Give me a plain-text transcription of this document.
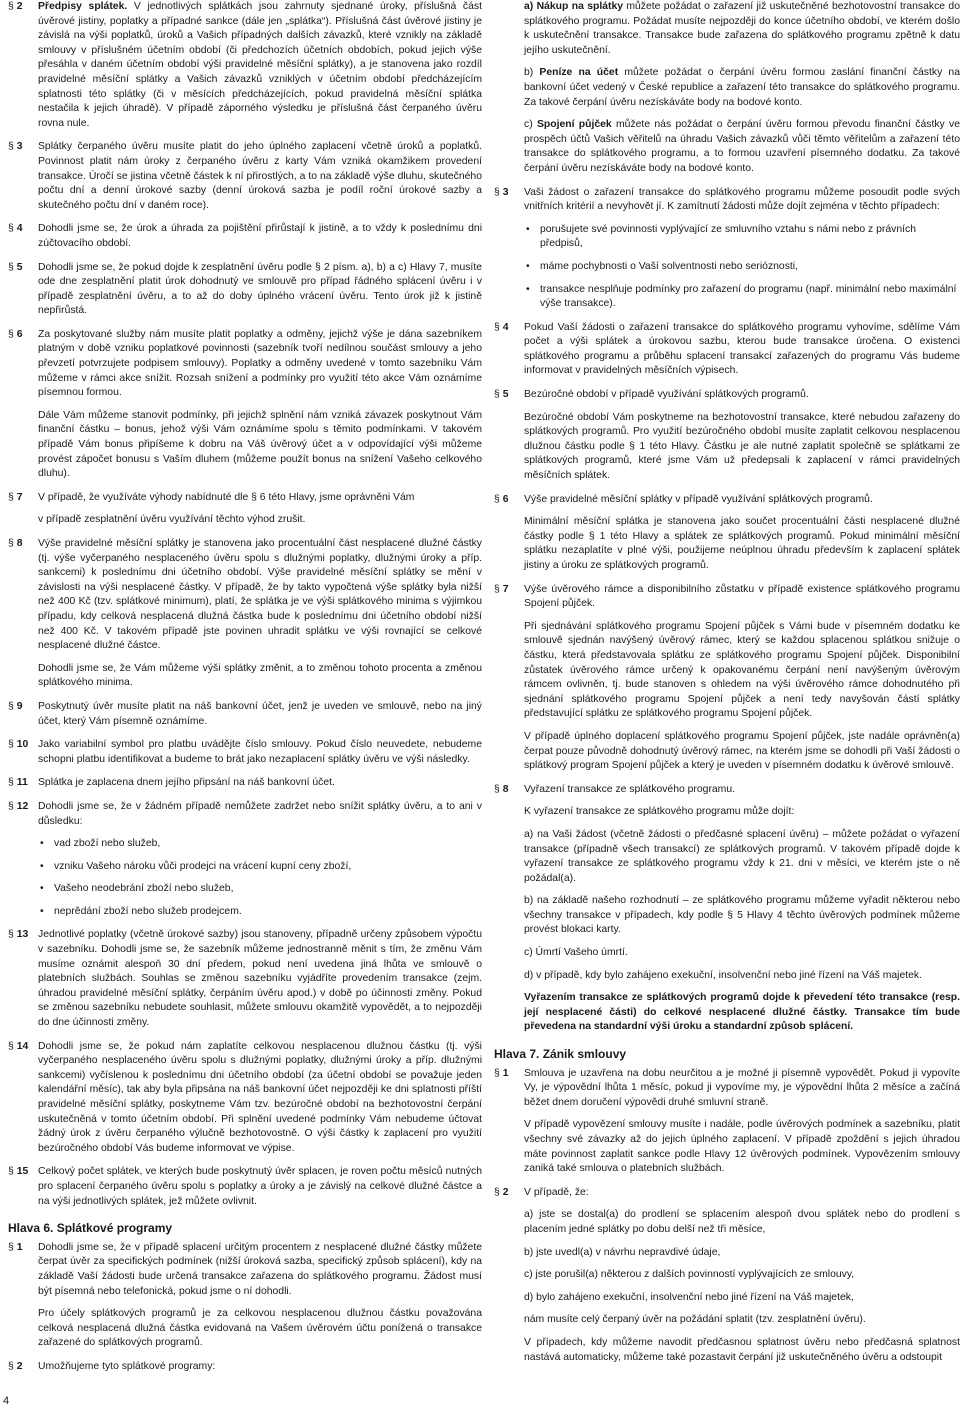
§ 2 Předpisy splátek. V jednotlivých splátkách jsou zahrnuty sjednané úroky, příslušná část úvěrové jistiny, poplatky a případné sankce (dále jen „splátka“). Příslušná část úvěrové jistiny je závislá na výši poplatků, úroků a Vašich případných dalších závazků, které vznikly na základě smlouvy v příslušném účetním období (či předchozích účetních obdobích, pokud jejich výše přesáhla v daném účetním období výši pravidelné měsíční splátky), a je stanovena jako rozdíl pravidelné měsíční splátky a Vašich závazků vzniklých v účetním období předcházejícím splatnosti této splátky (či v měsících předcházejících, pokud pravidelná měsíční splátka nestačila k jejich úhradě). V případě záporného výsledku je příslušná část čerpaného úvěru rovna nule.
§ 3 Splátky čerpaného úvěru musíte platit do jeho úplného zaplacení včetně úroků a poplatků. Povinnost platit nám úroky z čerpaného úvěru z karty Vám vzniká okamžikem provedení transakce. Úročí se jistina včetně částek k ní přirostlých, a to na základě výše dluhu, skutečného počtu dní a denní úrokové sazby (denní úroková sazba je podíl roční úrokové sazby a skutečného počtu dní v daném roce).
§ 4 Dohodli jsme se, že úrok a úhrada za pojištění přirůstají k jistině, a to vždy k poslednímu dni zúčtovacího období.
§ 5 Dohodli jsme se, že pokud dojde k zesplatnění úvěru podle § 2 písm. a), b) a c) Hlavy 7, musíte ode dne zesplatnění platit úrok dohodnutý ve smlouvě pro případ řádného splácení úvěru i v případě zesplatnění úvěru, a to až do doby úplného vrácení úvěru. Tento úrok již k jistině nepřirůstá.
§ 6 Za poskytované služby nám musíte platit poplatky a odměny, jejichž výše je dána sazebníkem platným v době vzniku poplatkové povinnosti (sazebník tvoří nedílnou součást smlouvy a jeho převzetí potvrzujete podpisem smlouvy). Poplatky a odměny uvedené v tomto sazebníku Vám můžeme v rámci akce snížit. Rozsah snížení a podmínky pro využití této akce Vám oznámíme písemnou formou.
Dále Vám můžeme stanovit podmínky, při jejichž splnění nám vzniká závazek poskytnout Vám finanční částku – bonus, jehož výši Vám oznámíme spolu s těmito podmínkami. V takovém případě Vám bonus připíšeme k dobru na Váš úvěrový účet a v odpovídající výši můžeme provést zápočet bonusu s Vaším dluhem (můžeme použít bonus na snížení Vašeho celkového dluhu).
§ 7 V případě, že využíváte výhody nabídnuté dle § 6 této Hlavy, jsme oprávněni Vám
v případě zesplatnění úvěru využívání těchto výhod zrušit.
§ 8 Výše pravidelné měsíční splátky je stanovena jako procentuální část nesplacené dlužné částky (tj. výše vyčerpaného nesplaceného úvěru spolu s dlužnými poplatky, dlužnými úroky a příp. sankcemi) k poslednímu dni účetního období. Výše pravidelné měsíční splátky se mění v závislosti na výši nesplacené částky. V případě, že by takto vypočtená výše splátky byla nižší než 400 Kč (tzv. splátkové minimum), platí, že splátka je ve výši splátkového minima s výjimkou případu, kdy celková nesplacená dlužná částka bude k poslednímu dni účetního období nižší než 400 Kč. V takovém případě jste povinen uhradit splátku ve výši rovnající se celkové nesplacené dlužné částce.
Dohodli jsme se, že Vám můžeme výši splátky změnit, a to změnou tohoto procenta a změnou splátkového minima.
§ 9 Poskytnutý úvěr musíte platit na náš bankovní účet, jenž je uveden ve smlouvě, nebo na jiný účet, který Vám písemně oznámíme.
§ 10 Jako variabilní symbol pro platbu uvádějte číslo smlouvy. Pokud číslo neuvedete, nebudeme schopni platbu identifikovat a budeme to brát jako nezaplacení splátky úvěru ve výši následky.
§ 11 Splátka je zaplacena dnem jejího připsání na náš bankovní účet.
§ 12 Dohodli jsme se, že v žádném případě nemůžete zadržet nebo snížit splátky úvěru, a to ani v důsledku:
• vad zboží nebo služeb,
• vzniku Vašeho nároku vůči prodejci na vrácení kupní ceny zboží,
• Vašeho neodebrání zboží nebo služeb,
• neprědání zboží nebo služeb prodejcem.
§ 13 Jednotlivé poplatky (včetně úrokové sazby) jsou stanoveny, případně určeny způsobem výpočtu v sazebníku. Dohodli jsme se, že sazebník můžeme jednostranně měnit s tím, že změnu Vám musíme oznámit alespoň 30 dní předem, pokud není uvedena jiná lhůta ve smlouvě o platebních službách. Souhlas se změnou sazebníku vyjádříte provedením transakce (zejm. úhradou pravidelné měsíční splátky, čerpáním úvěru apod.) v době po účinnosti změny. Pokud se změnou sazebníku nebudete souhlasit, můžete smlouvu okamžitě vypovědět, a to nejpozději do dne účinnosti změny.
§ 14 Dohodli jsme se, že pokud nám zaplatíte celkovou nesplacenou dlužnou částku (tj. výši vyčerpaného nesplaceného úvěru spolu s dlužnými poplatky, dlužnými úroky a příp. dlužnými sankcemi) vyčíslenou k poslednímu dni účetního období (za účetní období se považuje jeden kalendářní měsíc), tak aby byla připsána na náš bankovní účet nejpozději ke dni splatnosti příští pravidelné měsíční splátky, poskytneme Vám tzv. bezúročné období na bezhotovostní čerpání uskutečněná v tomto účetním období. Při splnění uvedené podmínky Vám nebudeme účtovat žádný úrok z úvěru čerpaného výlučně bezhotovostně. O výši částky k zaplacení pro využití bezúročného období Vás budeme informovat ve výpise.
§ 15 Celkový počet splátek, ve kterých bude poskytnutý úvěr splacen, je roven počtu měsíců nutných pro splacení čerpaného úvěru spolu s poplatky a úroky a je závislý na celkové dlužné částce a na výši jednotlivých splátek, jež můžete ovlivnit.
Hlava 6. Splátkové programy
§ 1 Dohodli jsme se, že v případě splacení určitým procentem z nesplacené dlužné částky můžete čerpat úvěr za specifických podmínek (nižší úroková sazba, specifický způsob splácení), kdy na základě Vaší žádosti bude určená transakce zařazena do splátkového programu. Žádost musí být písemná nebo telefonická, pokud jsme o ní dohodli.
Pro účely splátkových programů je za celkovou nesplacenou dlužnou částku považována celková nesplacená dlužná částka evidovaná na Vašem úvěrovém účtu ponížená o transakce zařazené do splátkových programů.
§ 2 Umožňujeme tyto splátkové programy:
a) Nákup na splátky můžete požádat o zařazení již uskutečněné bezhotovostní transakce do splátkového programu. Požádat musíte nejpozději do konce účetního období, ve kterém došlo k uskutečnění transakce. Transakce bude zařazena do splátkového programu zpětně k datu jejího uskutečnění.
b) Peníze na účet můžete požádat o čerpání úvěru formou zaslání finanční částky na bankovní účet vedený v České republice a zařazení této transakce do splátkového programu. Za takové čerpání úvěru nezískáváte body na bodové konto.
c) Spojení půjček můžete nás požádat o čerpání úvěru formou převodu finanční částky ve prospěch účtů Vašich věřitelů na úhradu Vašich závazků vůči těmto věřitelům a zařazení této transakce do splátkového programu, a to formou uzavření písemného dodatku. Za takové čerpání úvěru nezískáváte body na bodové konto.
§ 3 Vaši žádost o zařazení transakce do splátkového programu můžeme posoudit podle svých vnitřních kritérií a nevyhovět jí. K zamítnutí žádosti může dojít zejména v těchto případech:
• porušujete své povinnosti vyplývající ze smluvního vztahu s námi nebo z právních předpisů,
• máme pochybnosti o Vaší solventnosti nebo serióznosti,
• transakce nesplňuje podmínky pro zařazení do programu (např. minimální nebo maximální výše transakce).
§ 4 Pokud Vaší žádosti o zařazení transakce do splátkového programu vyhovíme, sdělíme Vám počet a výši splátek a úrokovou sazbu, kterou bude transakce úročena. O existenci splátkového programu a průběhu splacení transakcí zařazených do programu Vás budeme informovat v pravidelných měsíčních výpisech.
§ 5 Bezúročné období v případě využívání splátkových programů.
Bezúročné období Vám poskytneme na bezhotovostní transakce, které nebudou zařazeny do splátkových programů. Pro využití bezúročného období musíte zaplatit celkovou nesplacenou dlužnou částku podle § 1 této Hlavy. Částku je ale nutné zaplatit společně se splátkami ze splátkových programů, které jsme Vám už předepsali k zaplacení v rámci pravidelných měsíčních splátek.
§ 6 Výše pravidelné měsíční splátky v případě využívání splátkových programů.
Minimální měsíční splátka je stanovena jako součet procentuální části nesplacené dlužné částky podle § 1 této Hlavy a splátek ze splátkových programů. Pokud minimální měsíční splátku nezaplatíte v plné výši, použijeme neúplnou úhradu především k zaplacení splátek jistiny a úroku ze splátkových programů.
§ 7 Výše úvěrového rámce a disponibilního zůstatku v případě existence splátkového programu Spojení půjček.
Při sjednávání splátkového programu Spojení půjček s Vámi bude v písemném dodatku ke smlouvě sjednán navýšený úvěrový rámec, který se každou splacenou splátkou snižuje o částku, která představovala splátku ze splátkového programu Spojení půjček. Disponibilní zůstatek úvěrového rámce určený k opakovanému čerpání není navýšeným úvěrovým rámcem ovlivněn, tj. bude stanoven s ohledem na výši úvěrového rámce dohodnutého při sjednání splátkového programu Spojení půjček a není tedy navyšován částí splátky představující splátku ze splátkového programu Spojení půjček.
V případě úplného doplacení splátkového programu Spojení půjček, jste nadále oprávněn(a) čerpat pouze původně dohodnutý úvěrový rámec, na kterém jsme se dohodli při Vaší žádosti o splátkový program Spojení půjček a který je uveden v písemném dodatku k úvěrové smlouvě.
§ 8 Vyřazení transakce ze splátkového programu.
K vyřazení transakce ze splátkového programu může dojít:
a) na Vaši žádost (včetně žádosti o předčasné splacení úvěru) – můžete požádat o vyřazení transakce (případně všech transakcí) ze splátkových programů. V takovém případě dojde k vyřazení transakce ze splátkového programu vždy k 21. dni v měsíci, ve kterém jste o ně požádal(a).
b) na základě našeho rozhodnutí – ze splátkového programu můžeme vyřadit některou nebo všechny transakce v případech, kdy podle § 5 Hlavy 4 těchto úvěrových podmínek můžeme provést blokaci karty.
c) Úmrtí Vašeho úmrtí.
d) v případě, kdy bylo zahájeno exekuční, insolvenční nebo jiné řízení na Váš majetek.
Vyřazením transakce ze splátkových programů dojde k převedení této transakce (resp. její nesplacené části) do celkové nesplacené dlužné částky. Transakce tím bude převedena na standardní výši úroku a standardní způsob splácení.
Hlava 7. Zánik smlouvy
§ 1 Smlouva je uzavřena na dobu neurčitou a je možné ji písemně vypovědět. Pokud ji vypovíte Vy, je výpovědní lhůta 1 měsíc, pokud ji vypovíme my, je výpovědní lhůta 2 měsíce a začíná běžet dnem doručení výpovědi druhé smluvní straně.
V případě vypovězení smlouvy musíte i nadále, podle úvěrových podmínek a sazebníku, platit všechny své závazky až do jejich úplného zaplacení. V případě zpoždění s jejich úhradou máte povinnost zaplatit sankce podle Hlavy 12 úvěrových podmínek. Vypovězením smlouvy zaniká také smlouva o platebních službách.
§ 2 V případě, že:
a) jste se dostal(a) do prodlení se splacením alespoň dvou splátek nebo do prodlení s placením jedné splátky po dobu delší než tři měsíce,
b) jste uvedl(a) v návrhu nepravdivé údaje,
c) jste porušil(a) některou z dalších povinností vyplývajících ze smlouvy,
d) bylo zahájeno exekuční, insolvenční nebo jiné řízení na Váš majetek,
nám musíte celý čerpaný úvěr na požádání splatit (tzv. zesplatnění úvěru).
V případech, kdy můžeme navodit předčasnou splatnost úvěru nebo předčasná splatnost nastává automaticky, můžeme také pozastavit čerpání již uskutečněného úvěru a odstoupit
4
